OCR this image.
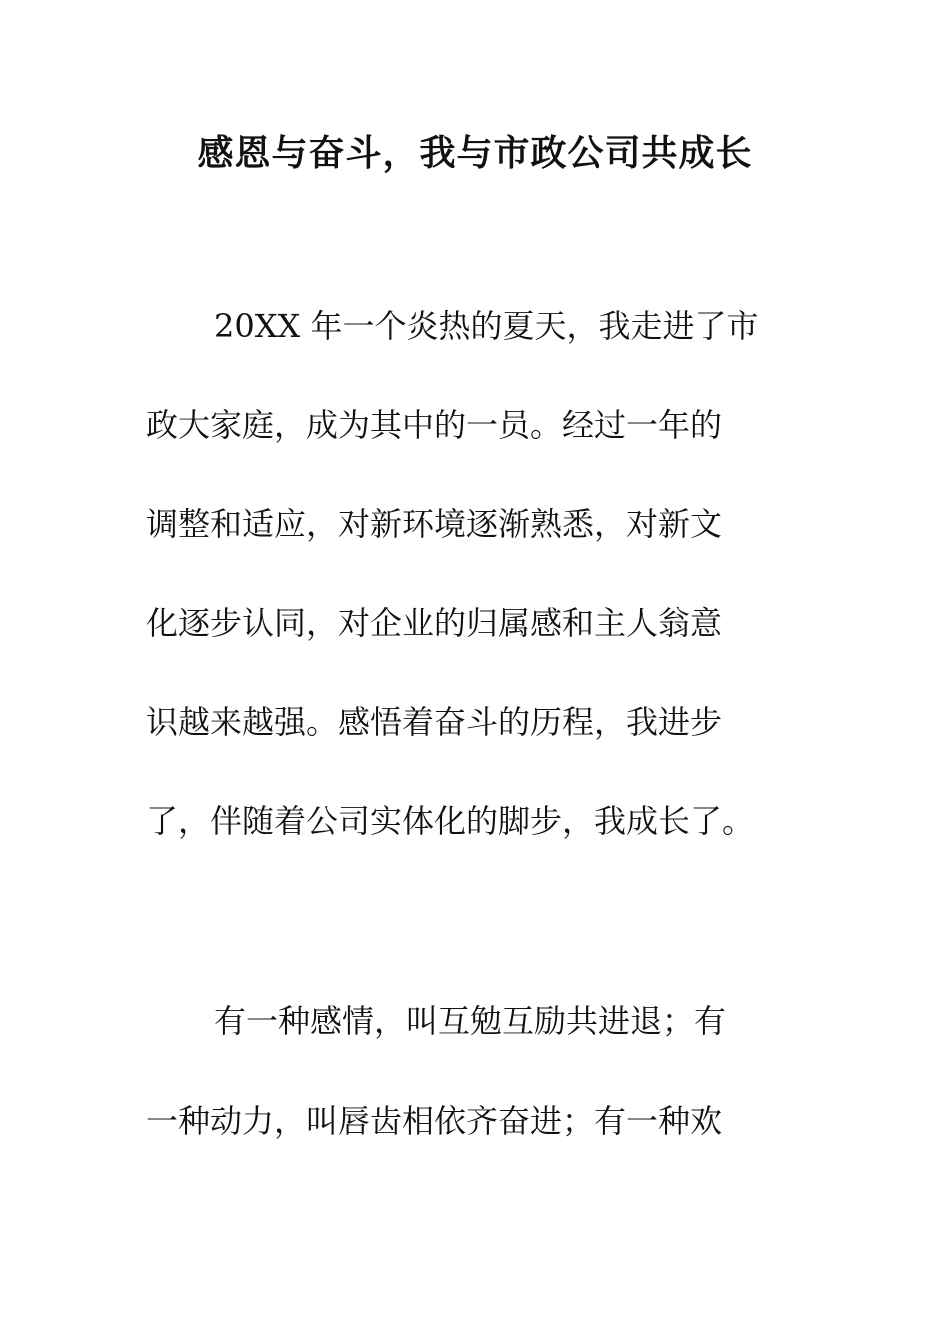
感恩与奋斗，我与市政公司共成长

20XX 年一个炎热的夏天，我走进了市

政大家庭，成为其中的一员。经过一年的

调整和适应，对新环境逐渐熟悉，对新文

化逐步认同，对企业的归属感和主人翁意

识越来越强。感悟着奋斗的历程，我进步

了，伴随着公司实体化的脚步，我成长了。

有一种感情，叫互勉互励共进退；有

一种动力，叫唇齿相依齐奋进；有一种欢
